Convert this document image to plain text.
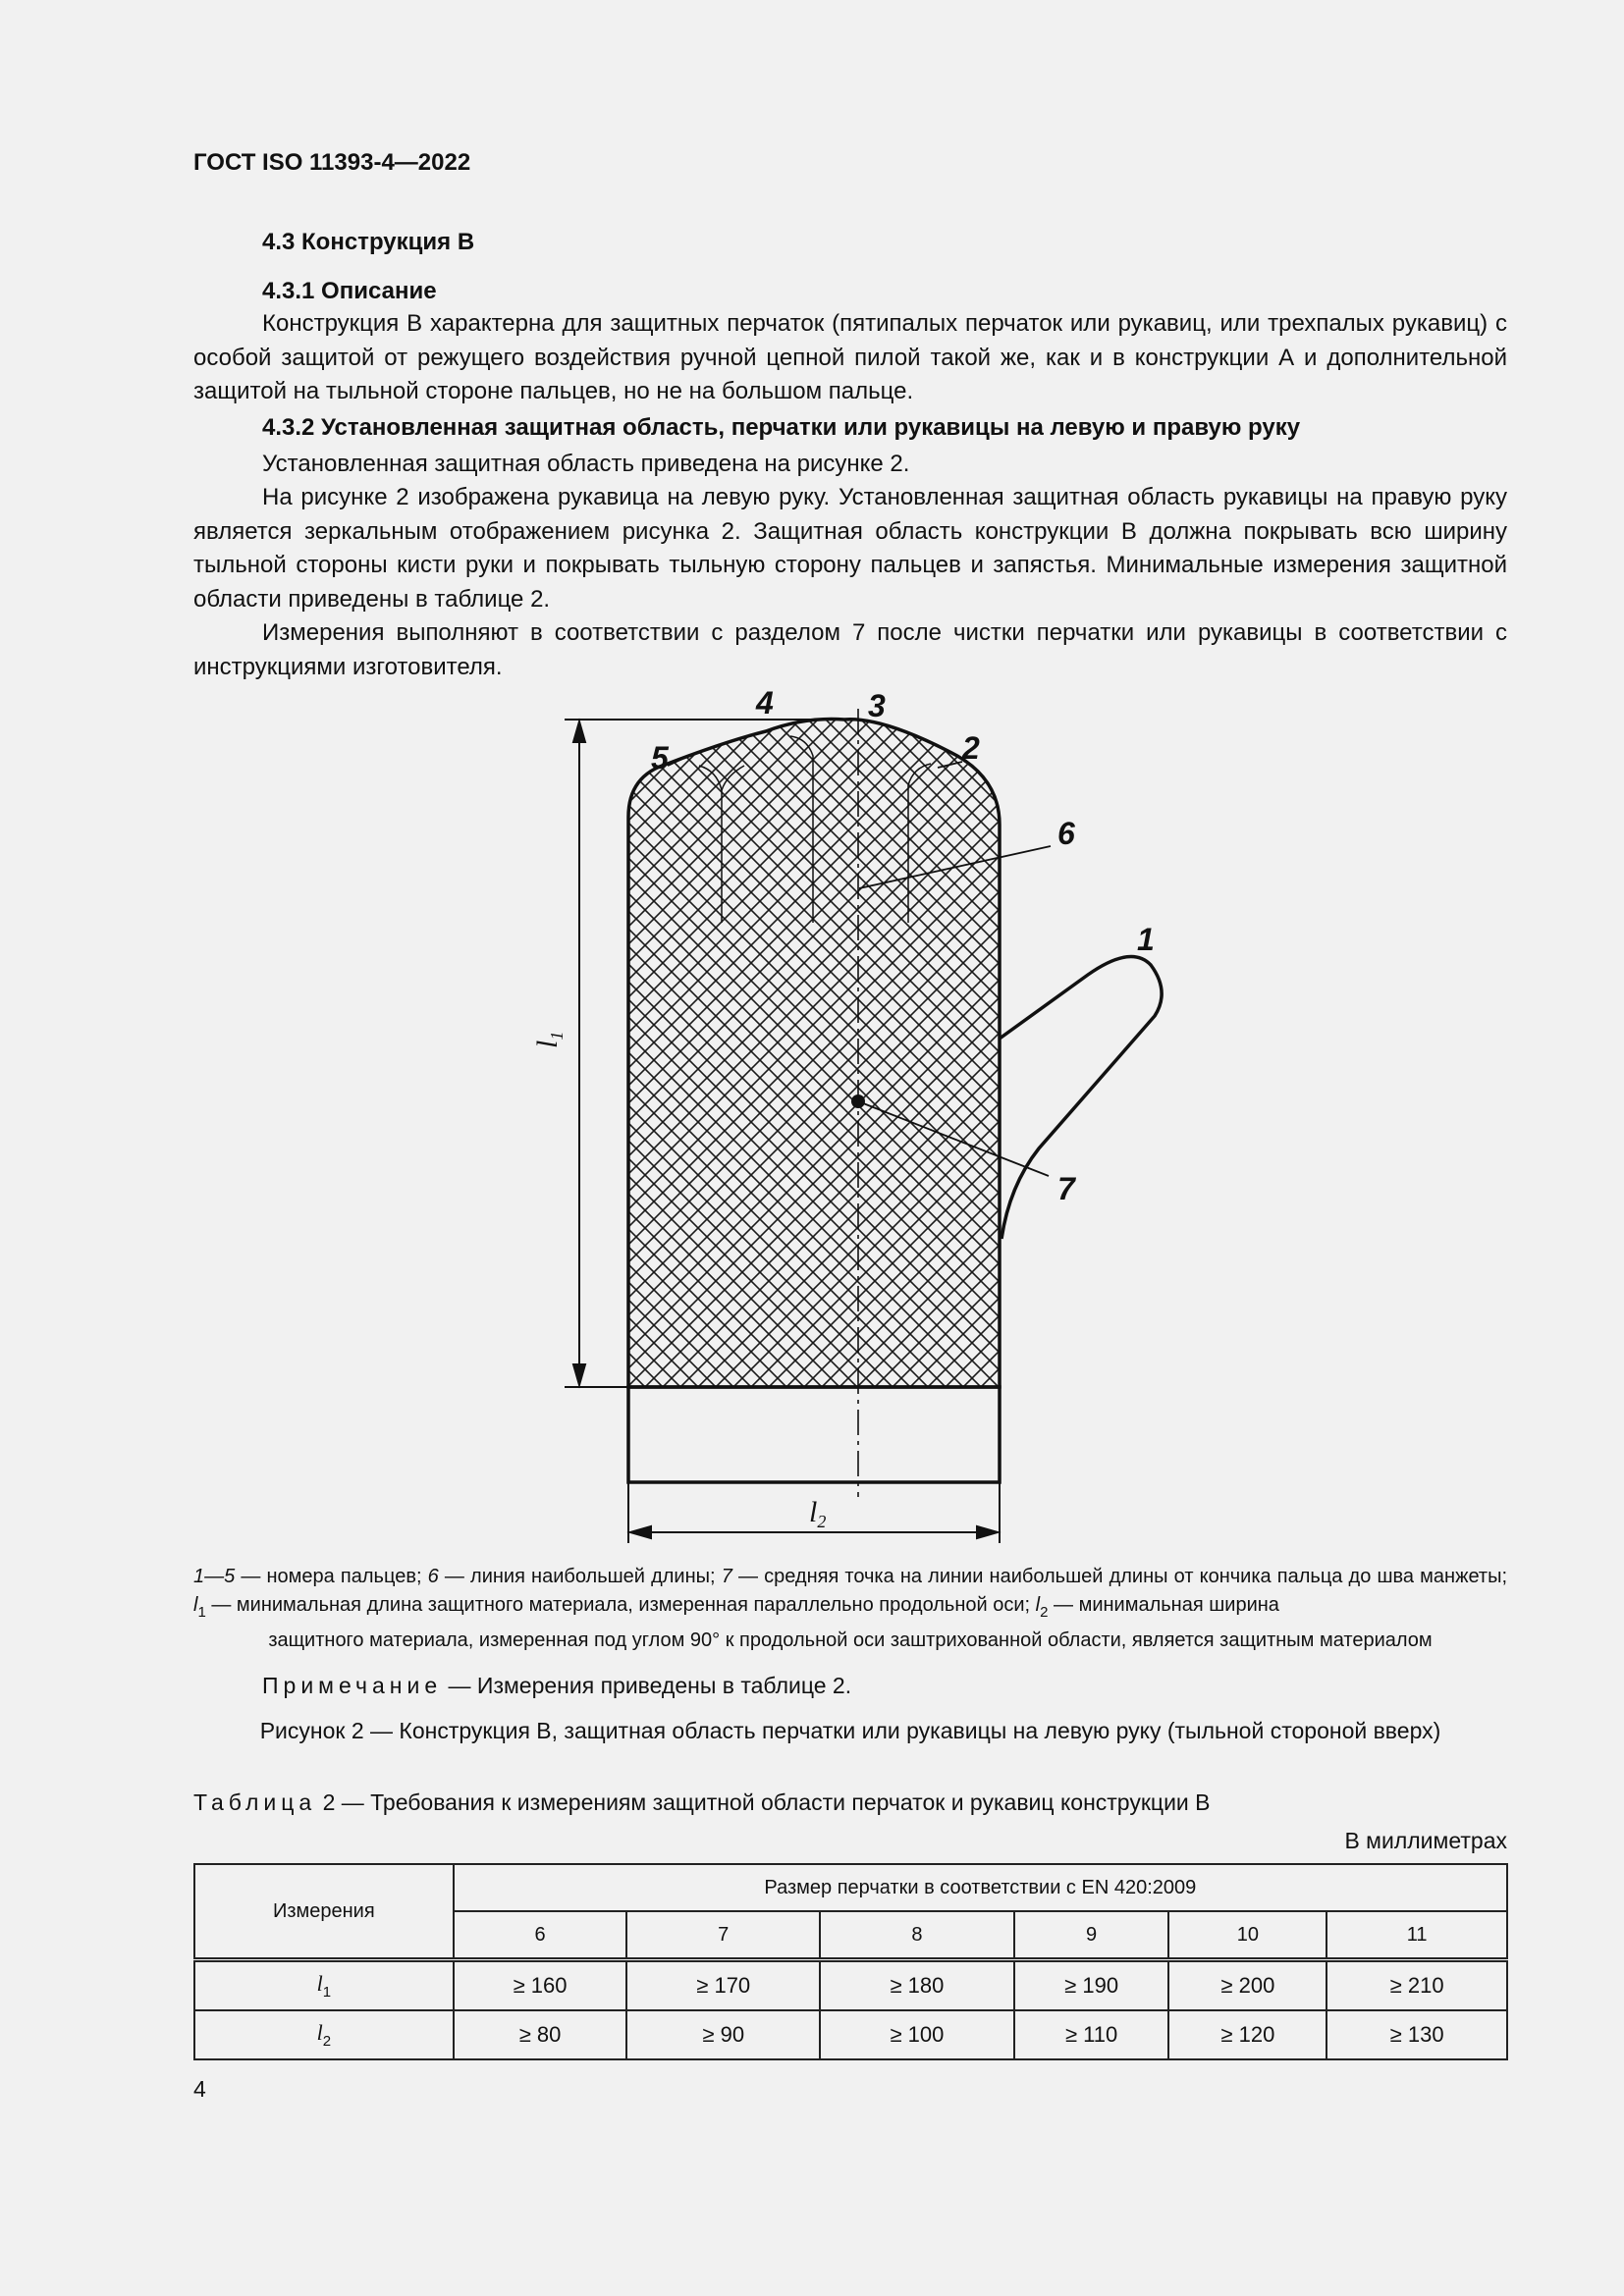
ГОСТ ISO 11393-4—2022
4.3 Конструкция B
4.3.1 Описание

Конструкция B характерна для защитных перчаток (пятипалых перчаток или рукавиц, или трехпалых рукавиц) с особой защитой от режущего воздействия ручной цепной пилой такой же, как и в конструкции А и дополнительной защитой на тыльной стороне пальцев, но не на большом пальце.

4.3.2 Установленная защитная область, перчатки или рукавицы на левую и правую руку

Установленная защитная область приведена на рисунке 2.

На рисунке 2 изображена рукавица на левую руку. Установленная защитная область рукавицы на правую руку является зеркальным отображением рисунка 2. Защитная область конструкции В должна покрывать всю ширину тыльной стороны кисти руки и покрывать тыльную сторону пальцев и запястья. Минимальные измерения защитной области приведены в таблице 2.

Измерения выполняют в соответствии с разделом 7 после чистки перчатки или рукавицы в соответствии с инструкциями изготовителя.

1
2
3
4
5
6
7
$l_1$
$l_2$

1—5 — номера пальцев; 6 — линия наибольшей длины; 7 — средняя точка на линии наибольшей длины от кончика пальца до шва манжеты; $l_1$ — минимальная длина защитного материала, измеренная параллельно продольной оси; $l_2$ — минимальная ширина

защитного материала, измеренная под углом 90° к продольной оси заштрихованной области, является защитным материалом

Примечание — Измерения приведены в таблице 2.
Рисунок 2 — Конструкция B, защитная область перчатки или рукавицы на левую руку (тыльной стороной вверх)
Таблица 2 — Требования к измерениям защитной области перчаток и рукавиц конструкции B
В миллиметрах
Измерения	Размер перчатки в соответствии с EN 420:2009					
	6	7	8	9	10	11
$l_1$	≥ 160	≥ 170	≥ 180	≥ 190	≥ 200	≥ 210
$l_2$	≥ 80	≥ 90	≥ 100	≥ 110	≥ 120	≥ 130
4
